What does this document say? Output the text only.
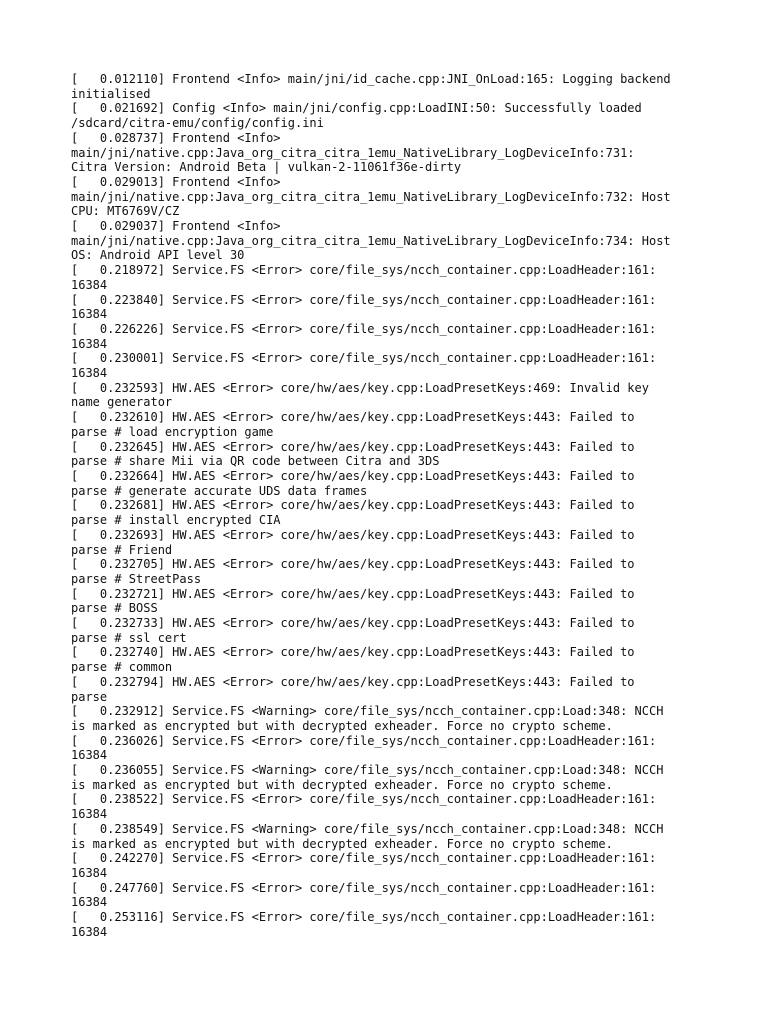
[   0.012110] Frontend <Info> main/jni/id_cache.cpp:JNI_OnLoad:165: Logging backend
initialised
[   0.021692] Config <Info> main/jni/config.cpp:LoadINI:50: Successfully loaded
/sdcard/citra-emu/config/config.ini
[   0.028737] Frontend <Info>
main/jni/native.cpp:Java_org_citra_citra_1emu_NativeLibrary_LogDeviceInfo:731:
Citra Version: Android Beta | vulkan-2-11061f36e-dirty
[   0.029013] Frontend <Info>
main/jni/native.cpp:Java_org_citra_citra_1emu_NativeLibrary_LogDeviceInfo:732: Host
CPU: MT6769V/CZ
[   0.029037] Frontend <Info>
main/jni/native.cpp:Java_org_citra_citra_1emu_NativeLibrary_LogDeviceInfo:734: Host
OS: Android API level 30
[   0.218972] Service.FS <Error> core/file_sys/ncch_container.cpp:LoadHeader:161:
16384
[   0.223840] Service.FS <Error> core/file_sys/ncch_container.cpp:LoadHeader:161:
16384
[   0.226226] Service.FS <Error> core/file_sys/ncch_container.cpp:LoadHeader:161:
16384
[   0.230001] Service.FS <Error> core/file_sys/ncch_container.cpp:LoadHeader:161:
16384
[   0.232593] HW.AES <Error> core/hw/aes/key.cpp:LoadPresetKeys:469: Invalid key
name generator
[   0.232610] HW.AES <Error> core/hw/aes/key.cpp:LoadPresetKeys:443: Failed to
parse # load encryption game
[   0.232645] HW.AES <Error> core/hw/aes/key.cpp:LoadPresetKeys:443: Failed to
parse # share Mii via QR code between Citra and 3DS
[   0.232664] HW.AES <Error> core/hw/aes/key.cpp:LoadPresetKeys:443: Failed to
parse # generate accurate UDS data frames
[   0.232681] HW.AES <Error> core/hw/aes/key.cpp:LoadPresetKeys:443: Failed to
parse # install encrypted CIA
[   0.232693] HW.AES <Error> core/hw/aes/key.cpp:LoadPresetKeys:443: Failed to
parse # Friend
[   0.232705] HW.AES <Error> core/hw/aes/key.cpp:LoadPresetKeys:443: Failed to
parse # StreetPass
[   0.232721] HW.AES <Error> core/hw/aes/key.cpp:LoadPresetKeys:443: Failed to
parse # BOSS
[   0.232733] HW.AES <Error> core/hw/aes/key.cpp:LoadPresetKeys:443: Failed to
parse # ssl cert
[   0.232740] HW.AES <Error> core/hw/aes/key.cpp:LoadPresetKeys:443: Failed to
parse # common
[   0.232794] HW.AES <Error> core/hw/aes/key.cpp:LoadPresetKeys:443: Failed to
parse
[   0.232912] Service.FS <Warning> core/file_sys/ncch_container.cpp:Load:348: NCCH
is marked as encrypted but with decrypted exheader. Force no crypto scheme.
[   0.236026] Service.FS <Error> core/file_sys/ncch_container.cpp:LoadHeader:161:
16384
[   0.236055] Service.FS <Warning> core/file_sys/ncch_container.cpp:Load:348: NCCH
is marked as encrypted but with decrypted exheader. Force no crypto scheme.
[   0.238522] Service.FS <Error> core/file_sys/ncch_container.cpp:LoadHeader:161:
16384
[   0.238549] Service.FS <Warning> core/file_sys/ncch_container.cpp:Load:348: NCCH
is marked as encrypted but with decrypted exheader. Force no crypto scheme.
[   0.242270] Service.FS <Error> core/file_sys/ncch_container.cpp:LoadHeader:161:
16384
[   0.247760] Service.FS <Error> core/file_sys/ncch_container.cpp:LoadHeader:161:
16384
[   0.253116] Service.FS <Error> core/file_sys/ncch_container.cpp:LoadHeader:161:
16384
